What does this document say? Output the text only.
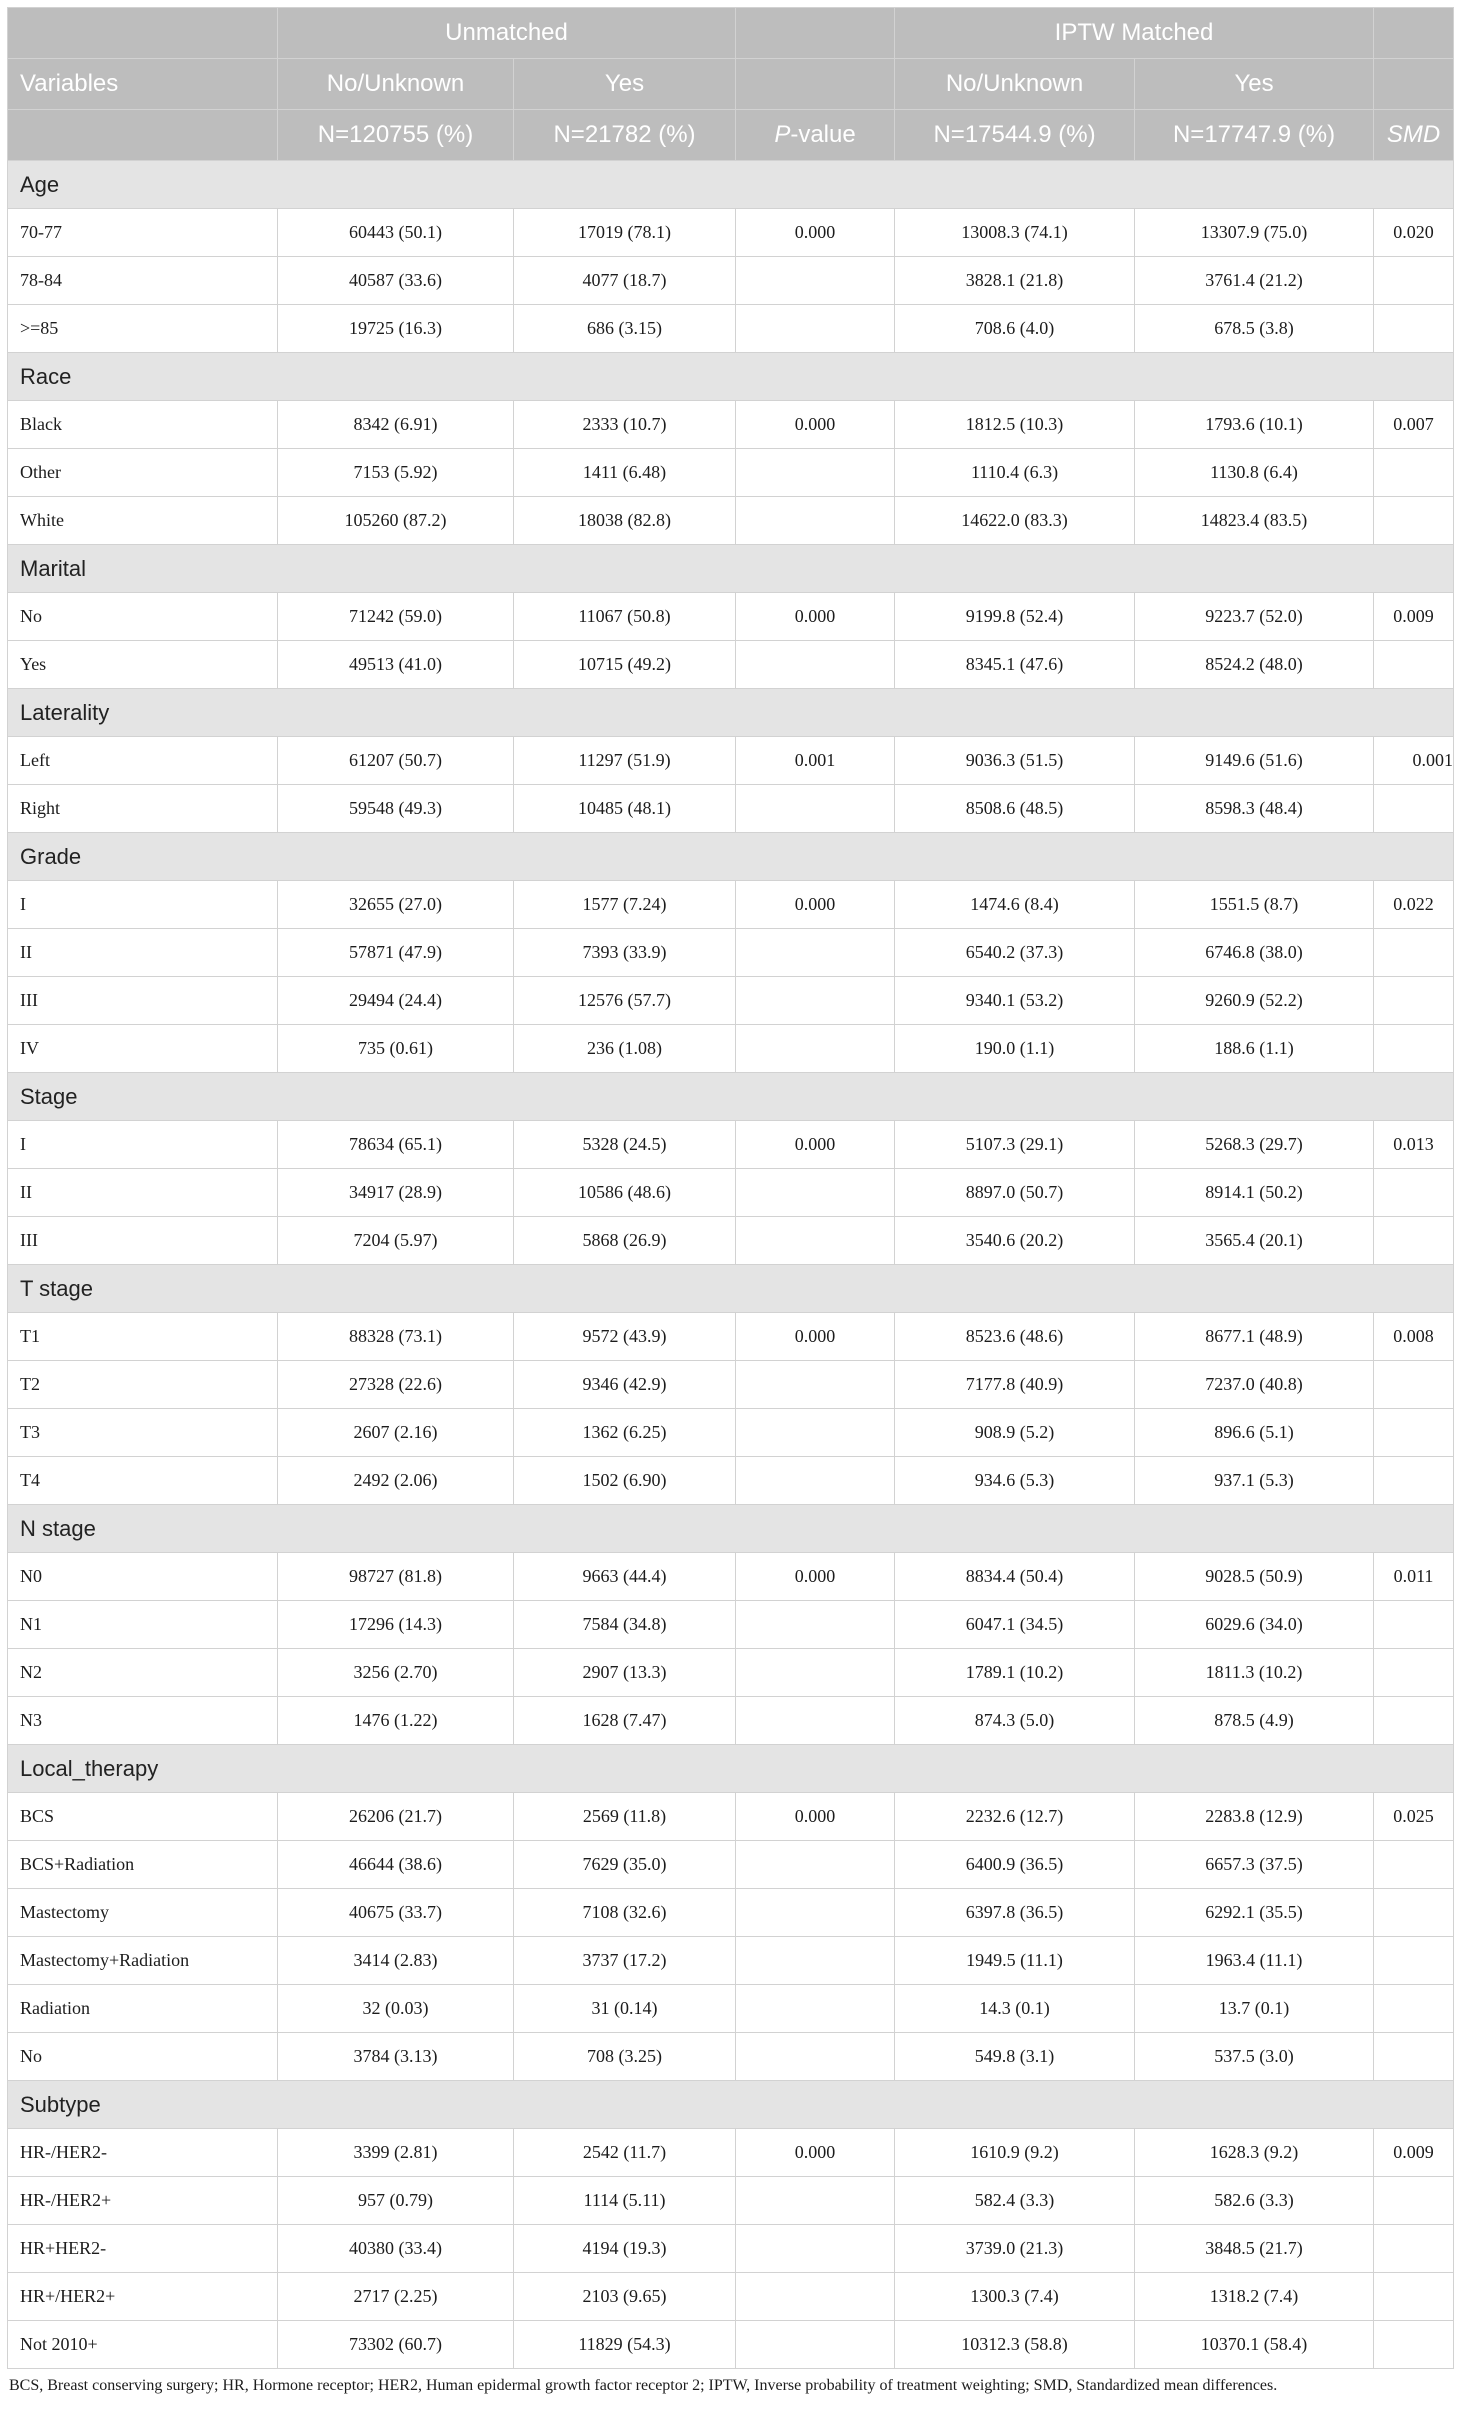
	Unmatched			IPTW Matched		
Variables	No/Unknown	Yes		No/Unknown	Yes	
	N=120755 (%)	N=21782 (%)	P-value	N=17544.9 (%)	N=17747.9 (%)	SMD
Age						
70-77	60443 (50.1)	17019 (78.1)	0.000	13008.3 (74.1)	13307.9 (75.0)	0.020
78-84	40587 (33.6)	4077 (18.7)		3828.1 (21.8)	3761.4 (21.2)	
>=85	19725 (16.3)	686 (3.15)		708.6 (4.0)	678.5 (3.8)	
Race						
Black	8342 (6.91)	2333 (10.7)	0.000	1812.5 (10.3)	1793.6 (10.1)	0.007
Other	7153 (5.92)	1411 (6.48)		1110.4 (6.3)	1130.8 (6.4)	
White	105260 (87.2)	18038 (82.8)		14622.0 (83.3)	14823.4 (83.5)	
Marital						
No	71242 (59.0)	11067 (50.8)	0.000	9199.8 (52.4)	9223.7 (52.0)	0.009
Yes	49513 (41.0)	10715 (49.2)		8345.1 (47.6)	8524.2 (48.0)	
Laterality						
Left	61207 (50.7)	11297 (51.9)	0.001	9036.3 (51.5)	9149.6 (51.6)	0.001
Right	59548 (49.3)	10485 (48.1)		8508.6 (48.5)	8598.3 (48.4)	
Grade						
I	32655 (27.0)	1577 (7.24)	0.000	1474.6 (8.4)	1551.5 (8.7)	0.022
II	57871 (47.9)	7393 (33.9)		6540.2 (37.3)	6746.8 (38.0)	
III	29494 (24.4)	12576 (57.7)		9340.1 (53.2)	9260.9 (52.2)	
IV	735 (0.61)	236 (1.08)		190.0 (1.1)	188.6 (1.1)	
Stage						
I	78634 (65.1)	5328 (24.5)	0.000	5107.3 (29.1)	5268.3 (29.7)	0.013
II	34917 (28.9)	10586 (48.6)		8897.0 (50.7)	8914.1 (50.2)	
III	7204 (5.97)	5868 (26.9)		3540.6 (20.2)	3565.4 (20.1)	
T stage						
T1	88328 (73.1)	9572 (43.9)	0.000	8523.6 (48.6)	8677.1 (48.9)	0.008
T2	27328 (22.6)	9346 (42.9)		7177.8 (40.9)	7237.0 (40.8)	
T3	2607 (2.16)	1362 (6.25)		908.9 (5.2)	896.6 (5.1)	
T4	2492 (2.06)	1502 (6.90)		934.6 (5.3)	937.1 (5.3)	
N stage						
N0	98727 (81.8)	9663 (44.4)	0.000	8834.4 (50.4)	9028.5 (50.9)	0.011
N1	17296 (14.3)	7584 (34.8)		6047.1 (34.5)	6029.6 (34.0)	
N2	3256 (2.70)	2907 (13.3)		1789.1 (10.2)	1811.3 (10.2)	
N3	1476 (1.22)	1628 (7.47)		874.3 (5.0)	878.5 (4.9)	
Local_therapy						
BCS	26206 (21.7)	2569 (11.8)	0.000	2232.6 (12.7)	2283.8 (12.9)	0.025
BCS+Radiation	46644 (38.6)	7629 (35.0)		6400.9 (36.5)	6657.3 (37.5)	
Mastectomy	40675 (33.7)	7108 (32.6)		6397.8 (36.5)	6292.1 (35.5)	
Mastectomy+Radiation	3414 (2.83)	3737 (17.2)		1949.5 (11.1)	1963.4 (11.1)	
Radiation	32 (0.03)	31 (0.14)		14.3 (0.1)	13.7 (0.1)	
No	3784 (3.13)	708 (3.25)		549.8 (3.1)	537.5 (3.0)	
Subtype						
HR-/HER2-	3399 (2.81)	2542 (11.7)	0.000	1610.9 (9.2)	1628.3 (9.2)	0.009
HR-/HER2+	957 (0.79)	1114 (5.11)		582.4 (3.3)	582.6 (3.3)	
HR+HER2-	40380 (33.4)	4194 (19.3)		3739.0 (21.3)	3848.5 (21.7)	
HR+/HER2+	2717 (2.25)	2103 (9.65)		1300.3 (7.4)	1318.2 (7.4)	
Not 2010+	73302 (60.7)	11829 (54.3)		10312.3 (58.8)	10370.1 (58.4)	
BCS, Breast conserving surgery; HR, Hormone receptor; HER2, Human epidermal growth factor receptor 2; IPTW, Inverse probability of treatment weighting; SMD, Standardized mean differences.
